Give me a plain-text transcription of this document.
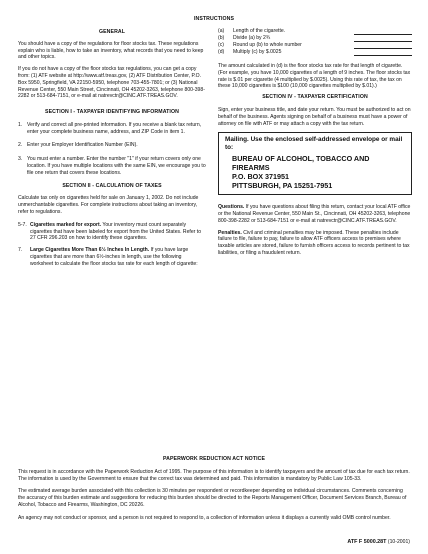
INSTRUCTIONS
GENERAL

You should have a copy of the regulations for floor stocks tax. These regulations explain who is liable, how to take an inventory, what records that you need to keep and other topics.

If you do not have a copy of the floor stocks tax regulations, you can get a copy from: (1) ATF website at http://www.atf.treas.gov, (2) ATF Distribution Center, P.O. Box 5950, Springfield, VA 22150-5950, telephone 703-455-7801; or (3) National Revenue Center, 550 Main Street, Cincinnati, OH 45202-3263, telephone 800-398-2282 or 513-684-7151, or e-mail at natrevctr@CINC.ATF.TREAS.GOV.

SECTION I - TAXPAYER IDENTIFYING INFORMATION
1. Verify and correct all pre-printed information. If you receive a blank tax return, enter your complete business name, address, and ZIP Code in item 1.
2. Enter your Employer Identification Number (EIN).
3. You must enter a number. Enter the number "1" if your return covers only one location. If you have multiple locations with the same EIN, we encourage you to file one return that covers these locations.
SECTION II - CALCULATION OF TAXES

Calculate tax only on cigarettes held for sale on January 1, 2002. Do not include unmerchantable cigarettes. For complete instructions about taking an inventory, refer to regulations.

5-7. Cigarettes marked for export. Your inventory must count separately cigarettes that have been labeled for export from the United States. Refer to 27 CFR 296.203 on how to identify these cigarettes.
7. Large Cigarettes More Than 6½ Inches In Length. If you have large cigarettes that are more than 6½-inches in length, use the following worksheet to calculate the floor stocks tax rate for each length of cigarette:
(a)	Length of the cigarette.
(b)	Divide (a) by 2¾
(c)	Round up (b) to whole number
(d)	Multiply (c) by $.0025

The amount calculated in (d) is the floor stocks tax rate for that length of cigarette. (For example, you have 10,000 cigarettes of a length of 9 inches. The floor stocks tax rate is $.01 per cigarette (4 multiplied by $.0025). Using this rate of tax, the tax on these 10,000 cigarettes is $100 (10,000 cigarettes multiplied by $.01).)

SECTION IV - TAXPAYER CERTIFICATION

Sign, enter your business title, and date your return. You must be authorized to act on behalf of the business. Agents signing on behalf of a business must have a power of attorney on file with ATF or may attach a copy with the tax return.

Mailing. Use the enclosed self-addressed envelope or mail to:
BUREAU OF ALCOHOL, TOBACCO AND FIREARMS
P.O. BOX 371951
PITTSBURGH, PA 15251-7951

Questions. If you have questions about filing this return, contact your local ATF office or the National Revenue Center, 550 Main St., Cincinnati, OH 45202-3263, telephone 800-398-2282 or 513-684-7151 or e-mail at natrevctr@CINC.ATF.TREAS.GOV.

Penalties. Civil and criminal penalties may be imposed. These penalties include failure to file, failure to pay, failure to allow ATF officers access to premises where taxable articles are stored, failure to furnish officers access to records pertinent to tax liabilities, or filing a fraudulent return.

PAPERWORK REDUCTION ACT NOTICE

This request is in accordance with the Paperwork Reduction Act of 1995. The purpose of this information is to identify taxpayers and the amount of tax due for each tax return. The information is used by the Government to ensure that the correct tax was determined and paid. This information is mandatory by Public Law 105-33.

The estimated average burden associated with this collection is 30 minutes per respondent or recordkeeper depending on individual circumstances. Comments concerning the accuracy of this burden estimate and suggestions for reducing this burden should be directed to the Reports Management Officer, Document Services Branch, Bureau of Alcohol, Tobacco and Firearms, Washington, DC 20226.

An agency may not conduct or sponsor, and a person is not required to respond to, a collection of information unless it displays a currently valid OMB control number.

ATF F 5000.28T (10-2001)
